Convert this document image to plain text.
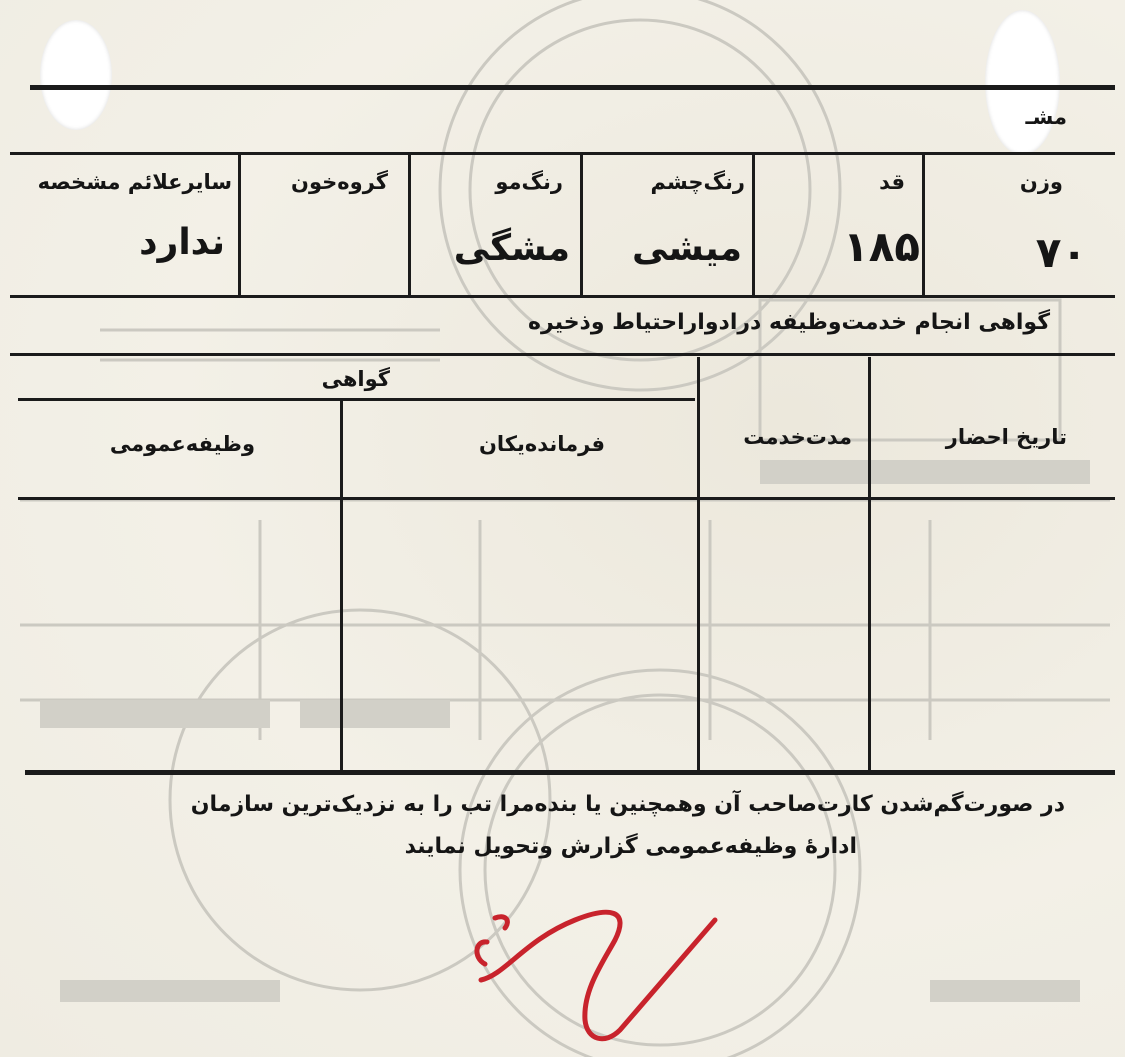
مشـ
وزن
قد
رنگ‌چشم
رنگ‌مو
گروه‌خون
سایرعلائم مشخصه
۷۰
۱۸۵
میشی
مشگی
ندارد
گواهی انجام خدمت‌وظیفه درادواراحتیاط وذخیره
تاریخ احضار
مدت‌خدمت
گواهی
فرمانده‌یکان
وظیفه‌عمومی
در صورت‌گم‌شدن کارت‌صاحب آن وهمچنین یا بنده‌مرا تب را به نزدیک‌ترین سازمان
ادارهٔ وظیفه‌عمومی گزارش وتحویل نمایند
